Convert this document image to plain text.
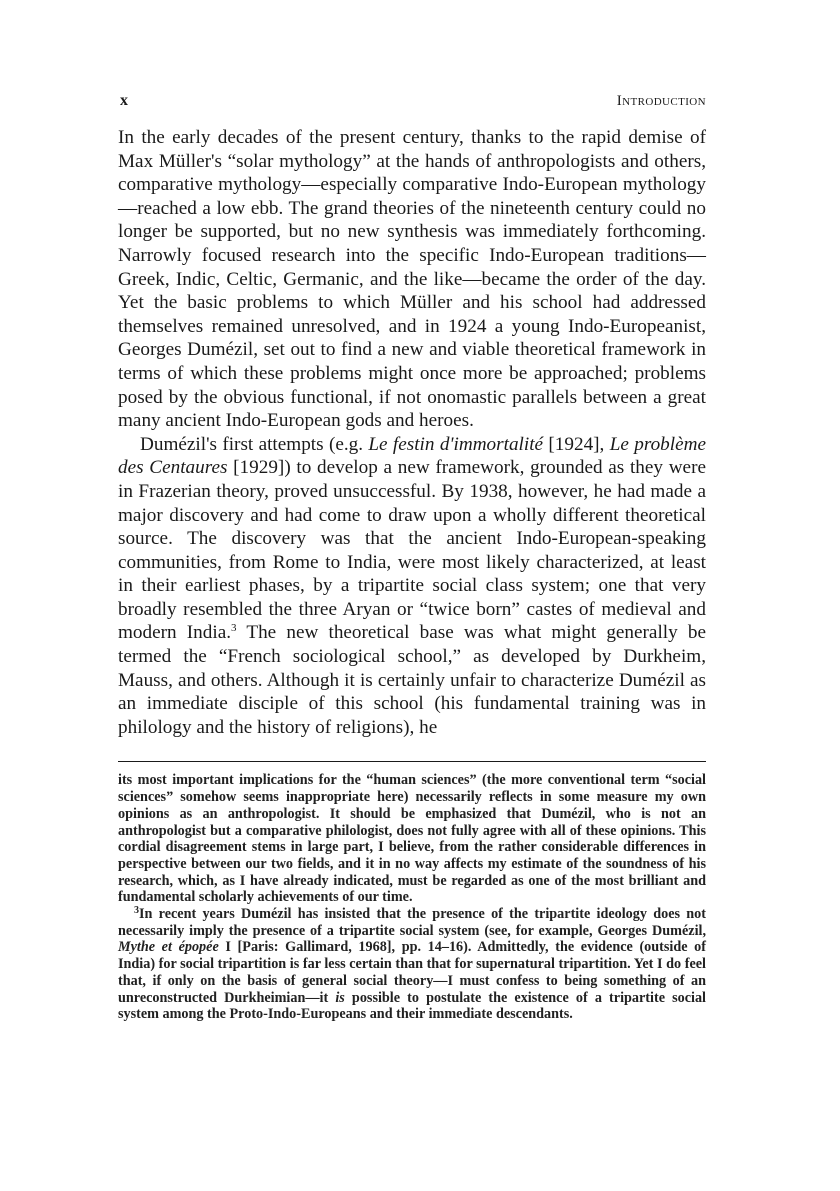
x	Introduction

In the early decades of the present century, thanks to the rapid demise of Max Müller's “solar mythology” at the hands of anthropologists and others, comparative mythology—especially comparative Indo-European mythology—reached a low ebb. The grand theories of the nineteenth century could no longer be supported, but no new synthesis was immediately forthcoming. Narrowly focused research into the specific Indo-European traditions—Greek, Indic, Celtic, Germanic, and the like—became the order of the day. Yet the basic problems to which Müller and his school had addressed themselves remained unresolved, and in 1924 a young Indo-Europeanist, Georges Dumézil, set out to find a new and viable theoretical framework in terms of which these problems might once more be approached; problems posed by the obvious functional, if not onomastic parallels between a great many ancient Indo-European gods and heroes.

Dumézil's first attempts (e.g. Le festin d'immortalité [1924], Le problème des Centaures [1929]) to develop a new framework, grounded as they were in Frazerian theory, proved unsuccessful. By 1938, however, he had made a major discovery and had come to draw upon a wholly different theoretical source. The discovery was that the ancient Indo-European-speaking communities, from Rome to India, were most likely characterized, at least in their earliest phases, by a tripartite social class system; one that very broadly resembled the three Aryan or “twice born” castes of medieval and modern India.$^3$ The new theoretical base was what might generally be termed the “French sociological school,” as developed by Durkheim, Mauss, and others. Although it is certainly unfair to characterize Dumézil as an immediate disciple of this school (his fundamental training was in philology and the history of religions), he

its most important implications for the “human sciences” (the more conventional term “social sciences” somehow seems inappropriate here) necessarily reflects in some measure my own opinions as an anthropologist. It should be emphasized that Dumézil, who is not an anthropologist but a comparative philologist, does not fully agree with all of these opinions. This cordial disagreement stems in large part, I believe, from the rather considerable differences in perspective between our two fields, and it in no way affects my estimate of the soundness of his research, which, as I have already indicated, must be regarded as one of the most brilliant and fundamental scholarly achievements of our time.

$^3$In recent years Dumézil has insisted that the presence of the tripartite ideology does not necessarily imply the presence of a tripartite social system (see, for example, Georges Dumézil, Mythe et épopée I [Paris: Gallimard, 1968], pp. 14–16). Admittedly, the evidence (outside of India) for social tripartition is far less certain than that for supernatural tripartition. Yet I do feel that, if only on the basis of general social theory—I must confess to being something of an unreconstructed Durkheimian—it is possible to postulate the existence of a tripartite social system among the Proto-Indo-Europeans and their immediate descendants.
